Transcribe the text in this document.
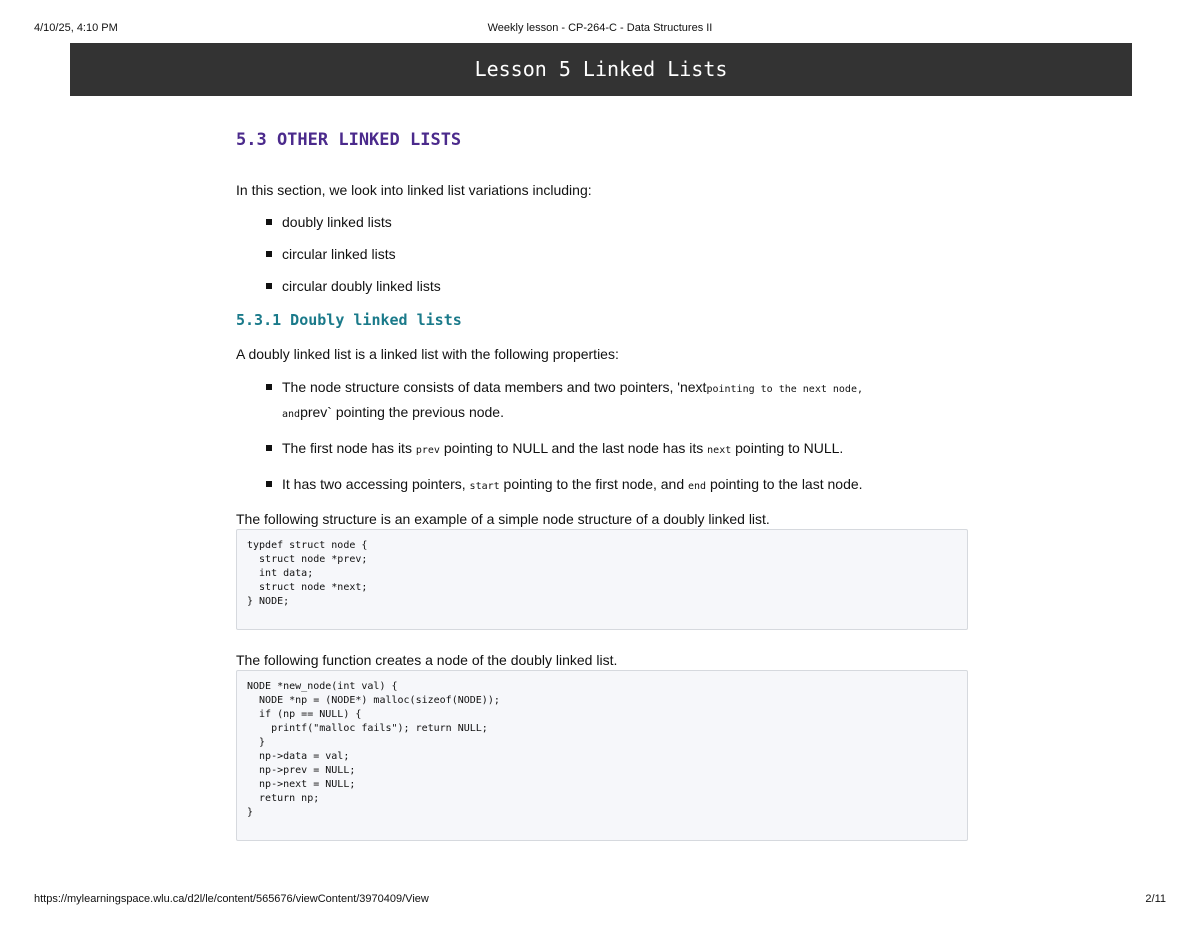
4/10/25, 4:10 PM	Weekly lesson - CP-264-C - Data Structures II
Lesson 5 Linked Lists
5.3 OTHER LINKED LISTS

In this section, we look into linked list variations including:

doubly linked lists
circular linked lists
circular doubly linked lists
5.3.1 Doubly linked lists

A doubly linked list is a linked list with the following properties:

The node structure consists of data members and two pointers, 'nextpointing to the next node,
andprev` pointing the previous node.
The first node has its prev pointing to NULL and the last node has its next pointing to NULL.
It has two accessing pointers, start pointing to the first node, and end pointing to the last node.

The following structure is an example of a simple node structure of a doubly linked list.

typdef struct node {
struct node *prev;
int data;
struct node *next;
} NODE;

The following function creates a node of the doubly linked list.

NODE *new_node(int val) {
NODE *np = (NODE*) malloc(sizeof(NODE));
if (np == NULL) {
printf("malloc fails"); return NULL;
}
np->data = val;
np->prev = NULL;
np->next = NULL;
return np;
}
https://mylearningspace.wlu.ca/d2l/le/content/565676/viewContent/3970409/View	2/11
